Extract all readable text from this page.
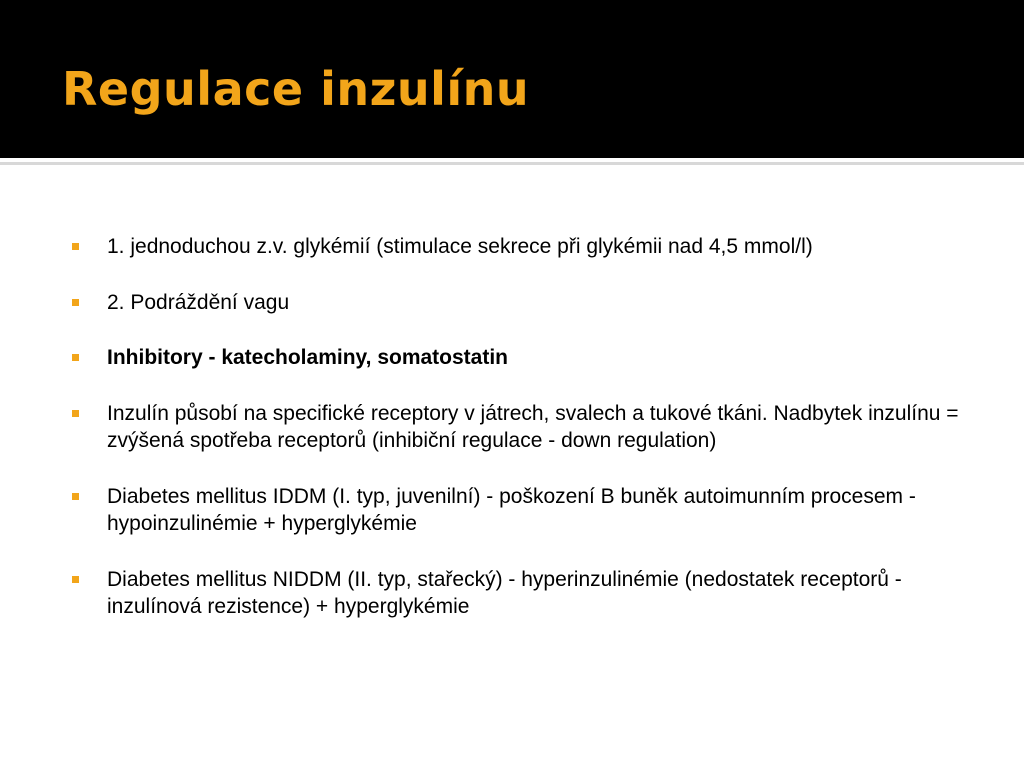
Regulace inzulínu
1. jednoduchou z.v. glykémií (stimulace sekrece při glykémii nad 4,5 mmol/l)
2. Podráždění vagu
Inhibitory - katecholaminy, somatostatin
Inzulín působí na specifické receptory v játrech, svalech a tukové tkáni. Nadbytek inzulínu = zvýšená spotřeba receptorů (inhibiční regulace - down regulation)
Diabetes mellitus IDDM (I. typ, juvenilní) - poškození B buněk autoimunním procesem - hypoinzulinémie + hyperglykémie
Diabetes mellitus NIDDM (II. typ, stařecký) - hyperinzulinémie (nedostatek receptorů - inzulínová rezistence) + hyperglykémie
